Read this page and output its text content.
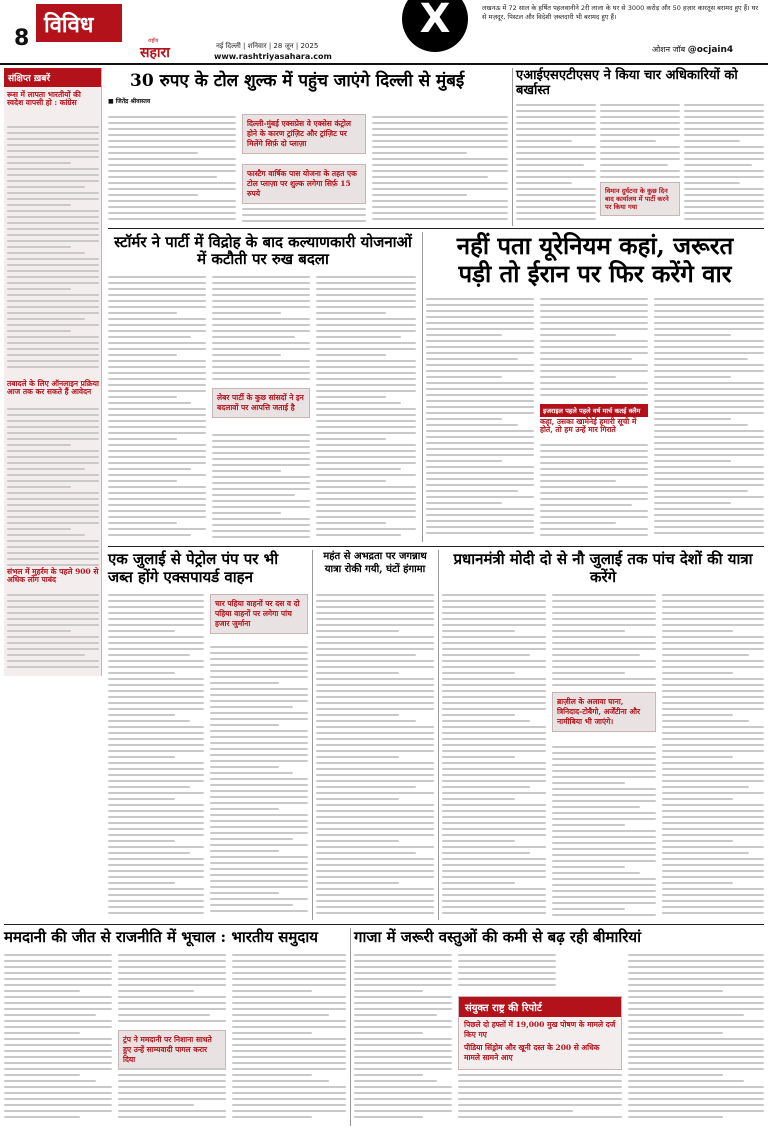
8
विविध
नई दिल्ली | शनिवार | 28 जून | 2025
राष्ट्रीय
सहारा	www.rashtriyasahara.com
X	लखनऊ में 72 साल के हर्षित पहलवानीने 2री लाला के घर से 3000 करोड़ और 50 हज़ार कारतूस बरामद हुए हैं। घर से मज़दूर, पिस्टल और विदेशी ज़ब्तदारी भी बरामद हुए हैं।
ओशन जॉब @ocjain4
संक्षिप्त ख़बरें
रूस में लापता भारतीयों की स्वदेश वापसी हो : कांग्रेस
तबादले के लिए ऑनलाइन प्रक्रिया आज तक कर सकते हैं आवेदन
संभल में मुहर्रम के पहले 900 से अधिक लोग पाबंद
30 रुपए के टोल शुल्क में पहुंच जाएंगे दिल्ली से मुंबई
■ जितेंद्र श्रीवास्तव
दिल्ली-मुंबई एक्सप्रेस वे एक्सेस कंट्रोल होने के कारण ट्रांज़िट और ट्रांज़िट पर मिलेंगे सिर्फ़ दो प्लाज़ा
फास्टैग वार्षिक पास योजना के तहत एक टोल प्लाज़ा पर शुल्क लगेगा सिर्फ़ 15 रुपये
एआईएसएटीएसए ने किया चार अधिकारियों को बर्खास्त
विमान दुर्घटना के कुछ दिन बाद कार्यालय में पार्टी करने पर किया गया
स्टॉर्मर ने पार्टी में विद्रोह के बाद कल्याणकारी योजनाओं में कटौती पर रुख बदला
लेबर पार्टी के कुछ सांसदों ने इन बदलावों पर आपत्ति जताई है
नहीं पता यूरेनियम कहां, जरूरत
पड़ी तो ईरान पर फिर करेंगे वार
इजराइल पहले पहले वर्ष मार्च कतई क्लैम
कहा, उसका खामेनेई हमारी सूची में होते, तो हम उन्हें मार गिराते
एक जुलाई से पेट्रोल पंप पर भी जब्त होंगे एक्सपायर्ड वाहन
चार पहिया वाहनों पर दस व दो पहिया वाहनों पर लगेगा पांच हजार जुर्माना
महंत से अभद्रता पर जगन्नाथ यात्रा रोकी गयी, घंटों हंगामा
प्रधानमंत्री मोदी दो से नौ जुलाई तक पांच देशों की यात्रा करेंगे
ब्राज़ील के अलावा घाना, त्रिनिदाद-टोबैगो, अर्जेंटीना और नामीबिया भी जाएंगे।
ममदानी की जीत से राजनीति में भूचाल : भारतीय समुदाय
ट्रंप ने ममदानी पर निशाना साधते हुए उन्हें साम्यवादी पागल करार दिया
गाजा में जरूरी वस्तुओं की कमी से बढ़ रही बीमारियां
संयुक्त राष्ट्र की रिपोर्ट
पिछले दो हफ्तों में 19,000 मुख पोषण के मामले दर्ज किए गए
पीडिया सिंड्रोम और खूनी दस्त के 200 से अधिक मामले सामने आए
